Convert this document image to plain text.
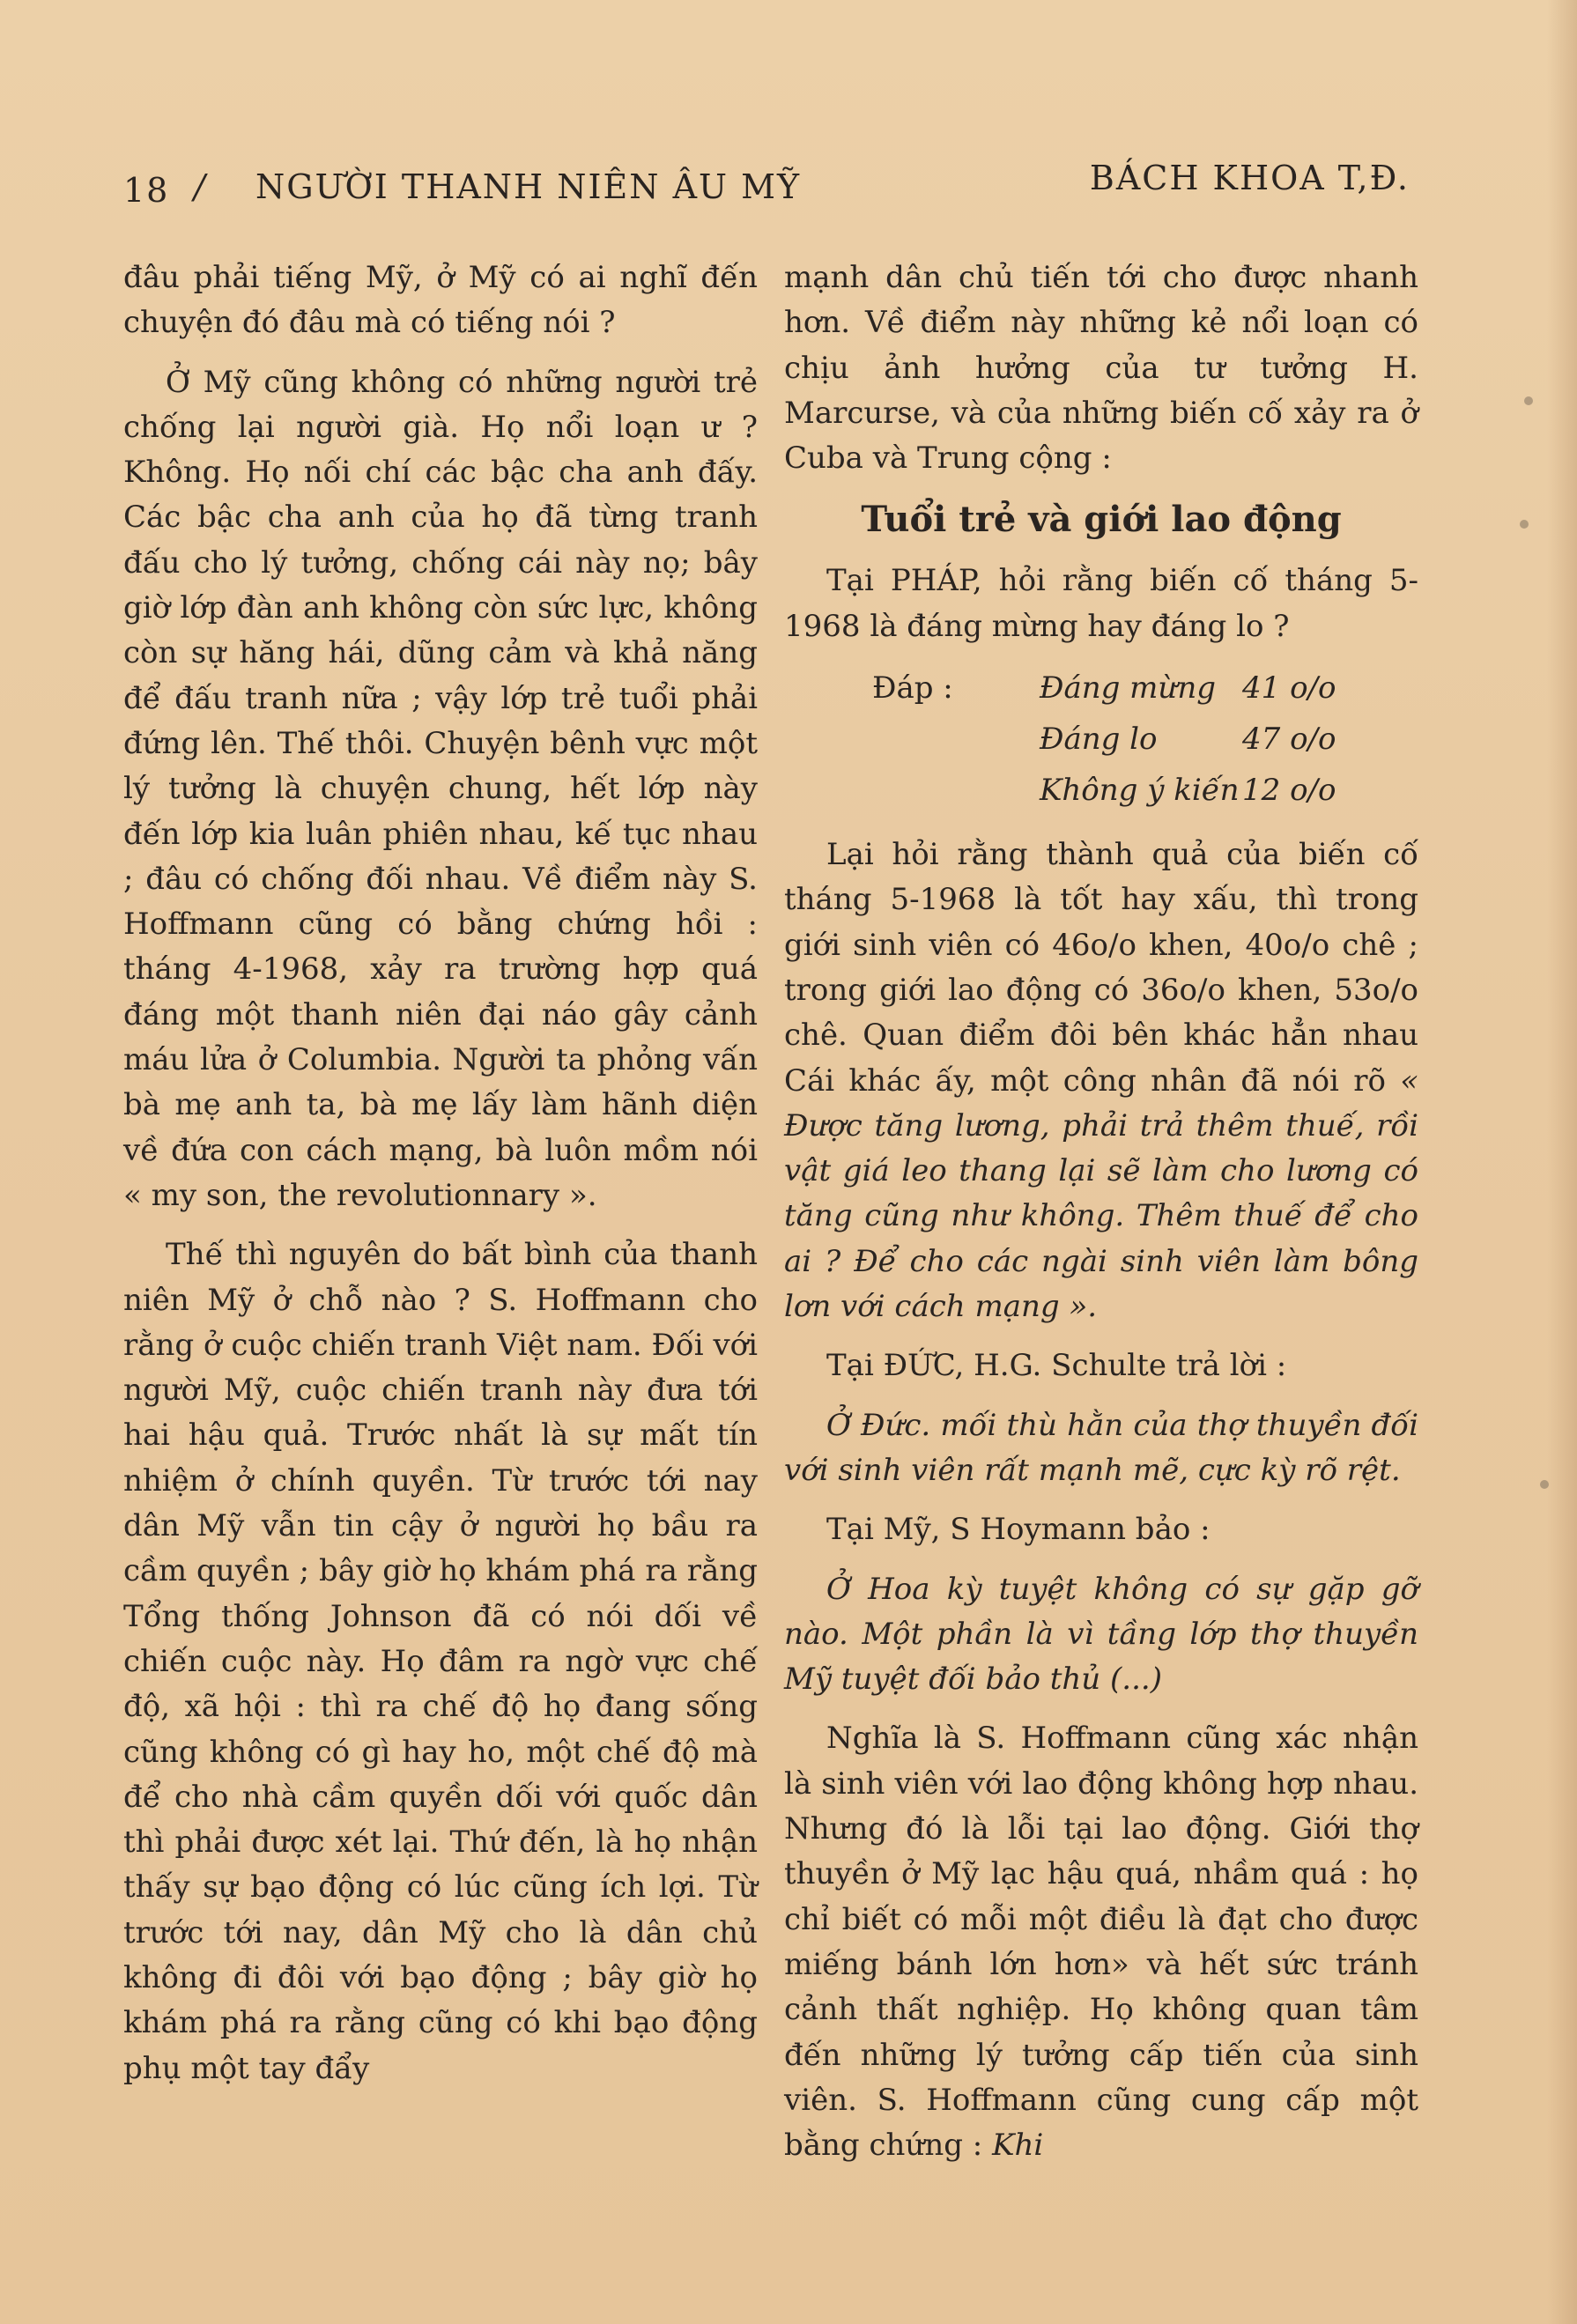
18 / NGƯỜI THANH NIÊN ÂU MỸ	BÁCH KHOA T,Đ.

đâu phải tiếng Mỹ, ở Mỹ có ai nghĩ đến chuyện đó đâu mà có tiếng nói ?

Ở Mỹ cũng không có những người trẻ chống lại người già. Họ nổi loạn ư ? Không. Họ nối chí các bậc cha anh đấy. Các bậc cha anh của họ đã từng tranh đấu cho lý tưởng, chống cái này nọ; bây giờ lớp đàn anh không còn sức lực, không còn sự hăng hái, dũng cảm và khả năng để đấu tranh nữa ; vậy lớp trẻ tuổi phải đứng lên. Thế thôi. Chuyện bênh vực một lý tưởng là chuyện chung, hết lớp này đến lớp kia luân phiên nhau, kế tục nhau ; đâu có chống đối nhau. Về điểm này S. Hoffmann cũng có bằng chứng hồi : tháng 4-1968, xảy ra trường hợp quá đáng một thanh niên đại náo gây cảnh máu lửa ở Columbia. Người ta phỏng vấn bà mẹ anh ta, bà mẹ lấy làm hãnh diện về đứa con cách mạng, bà luôn mồm nói « my son, the revolutionnary ».

Thế thì nguyên do bất bình của thanh niên Mỹ ở chỗ nào ? S. Hoffmann cho rằng ở cuộc chiến tranh Việt nam. Đối với người Mỹ, cuộc chiến tranh này đưa tới hai hậu quả. Trước nhất là sự mất tín nhiệm ở chính quyền. Từ trước tới nay dân Mỹ vẫn tin cậy ở người họ bầu ra cầm quyền ; bây giờ họ khám phá ra rằng Tổng thống Johnson đã có nói dối về chiến cuộc này. Họ đâm ra ngờ vực chế độ, xã hội : thì ra chế độ họ đang sống cũng không có gì hay ho, một chế độ mà để cho nhà cầm quyền dối với quốc dân thì phải được xét lại. Thứ đến, là họ nhận thấy sự bạo động có lúc cũng ích lợi. Từ trước tới nay, dân Mỹ cho là dân chủ không đi đôi với bạo động ; bây giờ họ khám phá ra rằng cũng có khi bạo động phụ một tay đẩy

mạnh dân chủ tiến tới cho được nhanh hơn. Về điểm này những kẻ nổi loạn có chịu ảnh hưởng của tư tưởng H. Marcurse, và của những biến cố xảy ra ở Cuba và Trung cộng :

Tuổi trẻ và giới lao động

Tại PHÁP, hỏi rằng biến cố tháng 5-1968 là đáng mừng hay đáng lo ?

Đáp :	Đáng mừng 41 o/o
Đáng lo	47 o/o
Không ý kiến 12 o/o

Lại hỏi rằng thành quả của biến cố tháng 5-1968 là tốt hay xấu, thì trong giới sinh viên có 46o/o khen, 40o/o chê ; trong giới lao động có 36o/o khen, 53o/o chê. Quan điểm đôi bên khác hẳn nhau Cái khác ấy, một công nhân đã nói rõ « Được tăng lương, phải trả thêm thuế, rồi vật giá leo thang lại sẽ làm cho lương có tăng cũng như không. Thêm thuế để cho ai ? Để cho các ngài sinh viên làm bông lơn với cách mạng ».

Tại ĐỨC, H.G. Schulte trả lời :

Ở Đức. mối thù hằn của thợ thuyền đối với sinh viên rất mạnh mẽ, cực kỳ rõ rệt.

Tại Mỹ, S Hoymann bảo :

Ở Hoa kỳ tuyệt không có sự gặp gỡ nào. Một phần là vì tầng lớp thợ thuyền Mỹ tuyệt đối bảo thủ (...)

Nghĩa là S. Hoffmann cũng xác nhận là sinh viên với lao động không hợp nhau. Nhưng đó là lỗi tại lao động. Giới thợ thuyền ở Mỹ lạc hậu quá, nhầm quá : họ chỉ biết có mỗi một điều là đạt cho được miếng bánh lớn hơn» và hết sức tránh cảnh thất nghiệp. Họ không quan tâm đến những lý tưởng cấp tiến của sinh viên. S. Hoffmann cũng cung cấp một bằng chứng : Khi
